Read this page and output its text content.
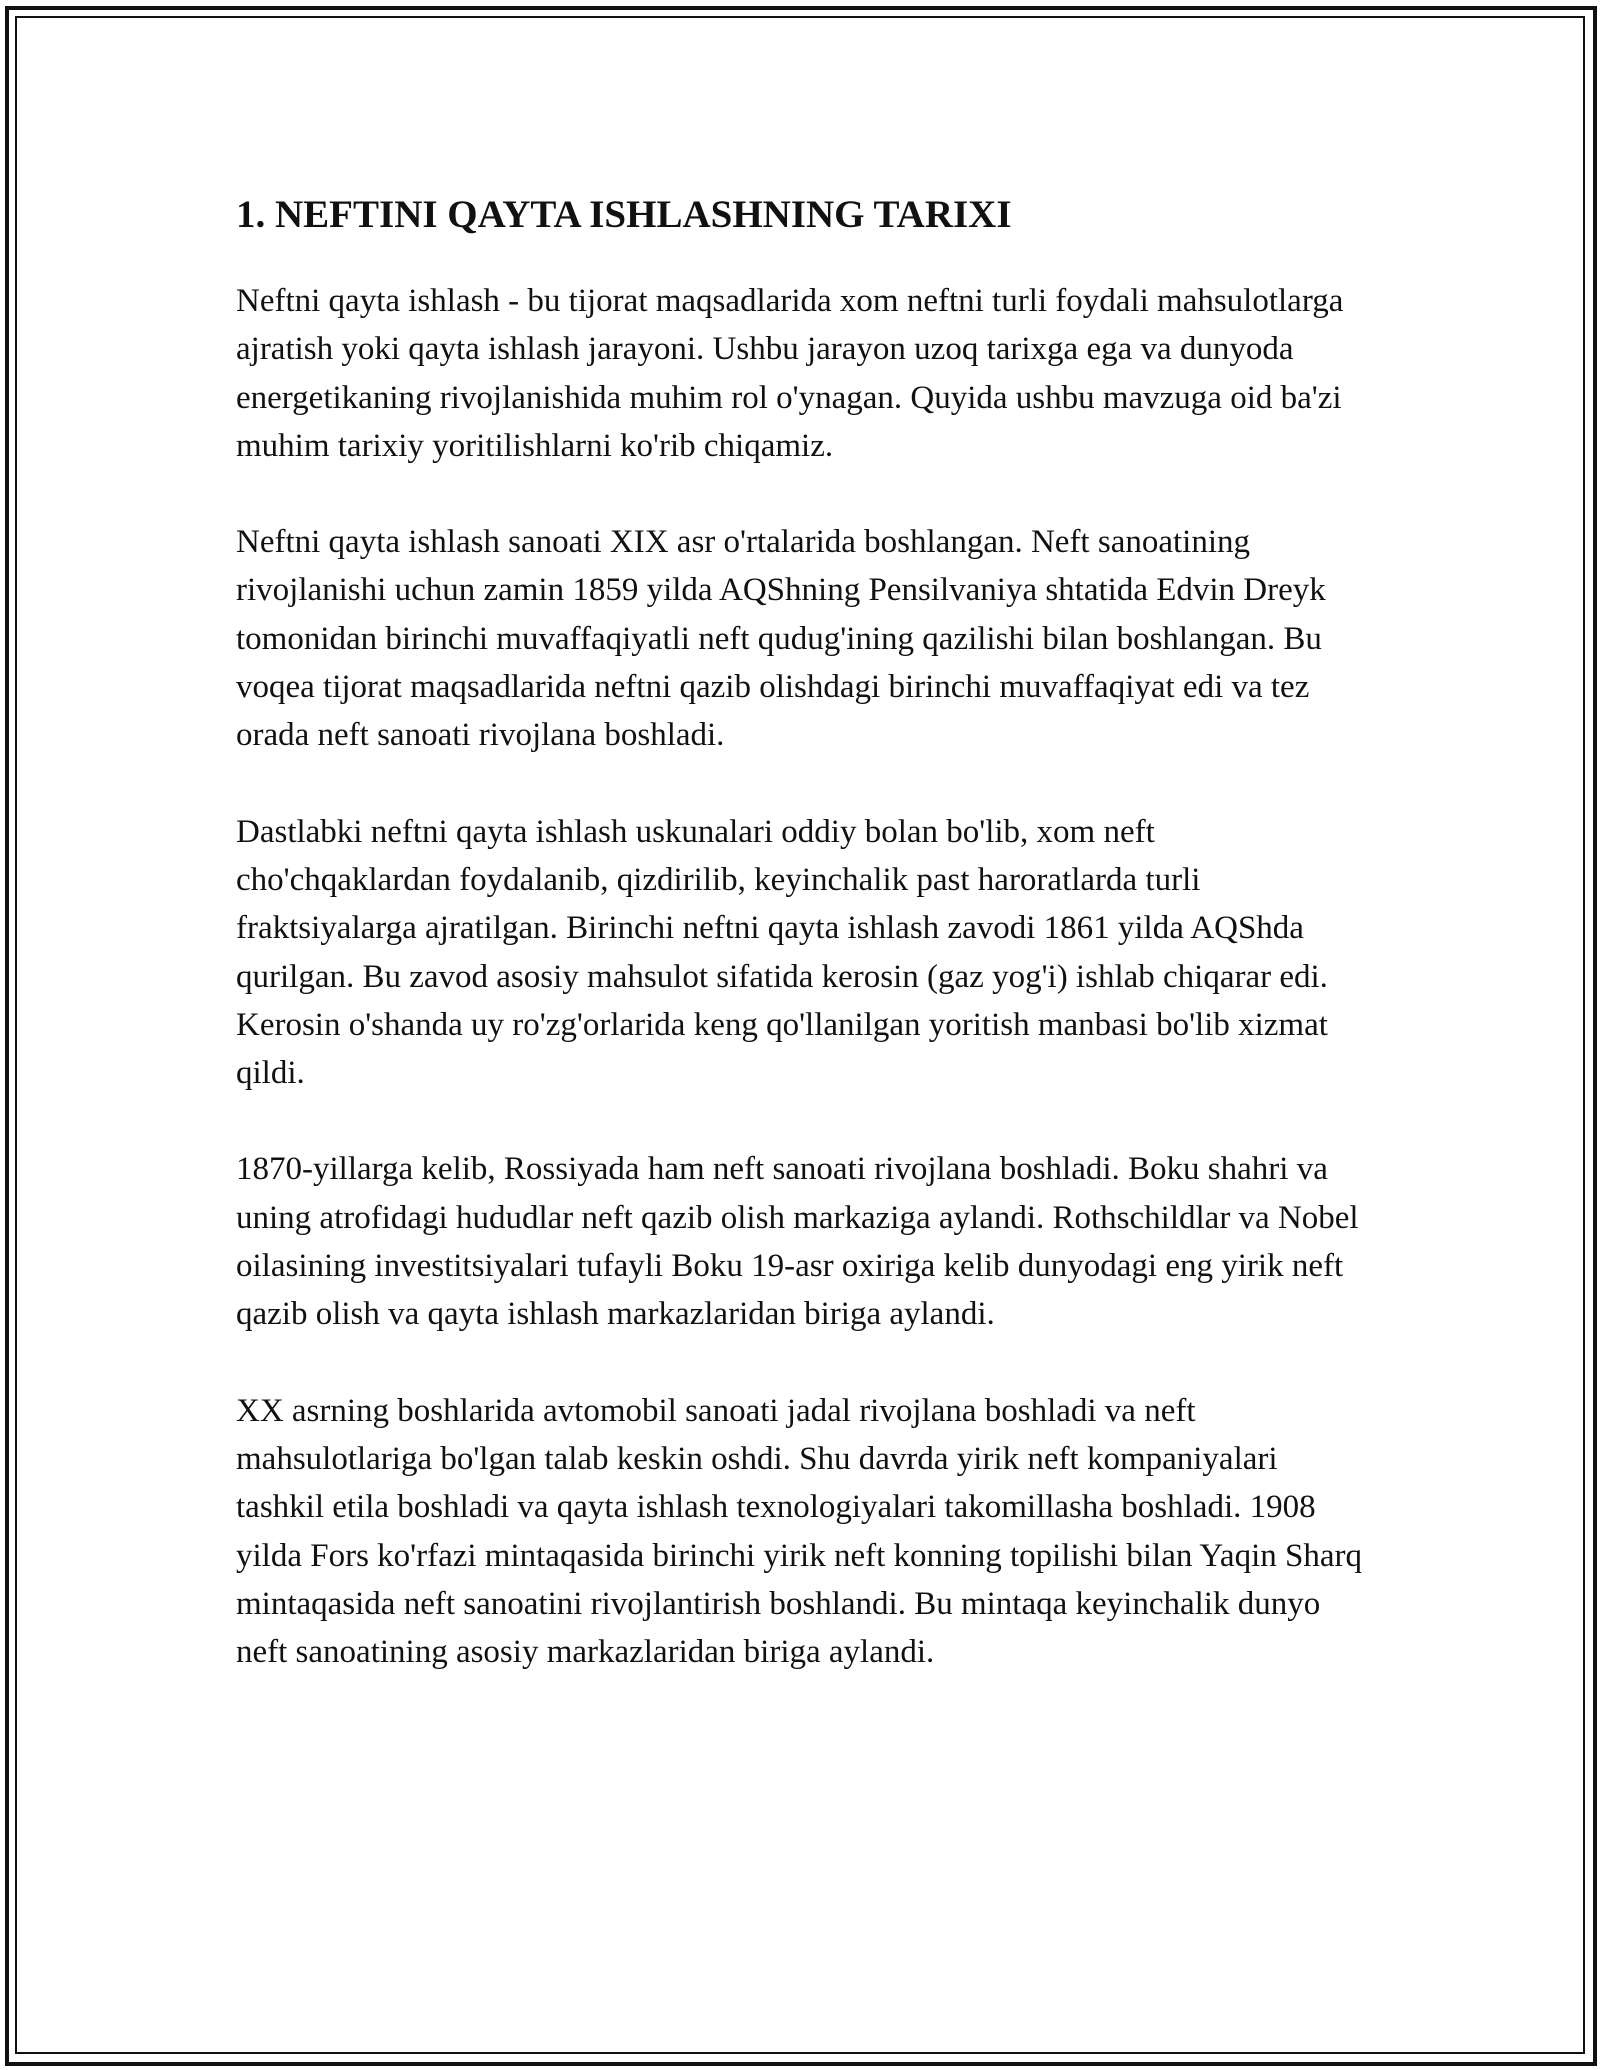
1. NEFTINI QAYTA ISHLASHNING TARIXI

Neftni qayta ishlash - bu tijorat maqsadlarida xom neftni turli foydali mahsulotlarga ajratish yoki qayta ishlash jarayoni. Ushbu jarayon uzoq tarixga ega va dunyoda energetikaning rivojlanishida muhim rol o'ynagan. Quyida ushbu mavzuga oid ba'zi muhim tarixiy yoritilishlarni ko'rib chiqamiz.

Neftni qayta ishlash sanoati XIX asr o'rtalarida boshlangan. Neft sanoatining rivojlanishi uchun zamin 1859 yilda AQShning Pensilvaniya shtatida Edvin Dreyk tomonidan birinchi muvaffaqiyatli neft qudug'ining qazilishi bilan boshlangan. Bu voqea tijorat maqsadlarida neftni qazib olishdagi birinchi muvaffaqiyat edi va tez orada neft sanoati rivojlana boshladi.

Dastlabki neftni qayta ishlash uskunalari oddiy bolan bo'lib, xom neft cho'chqaklardan foydalanib, qizdirilib, keyinchalik past haroratlarda turli fraktsiyalarga ajratilgan. Birinchi neftni qayta ishlash zavodi 1861 yilda AQShda qurilgan. Bu zavod asosiy mahsulot sifatida kerosin (gaz yog'i) ishlab chiqarar edi. Kerosin o'shanda uy ro'zg'orlarida keng qo'llanilgan yoritish manbasi bo'lib xizmat qildi.

1870-yillarga kelib, Rossiyada ham neft sanoati rivojlana boshladi. Boku shahri va uning atrofidagi hududlar neft qazib olish markaziga aylandi. Rothschildlar va Nobel oilasining investitsiyalari tufayli Boku 19-asr oxiriga kelib dunyodagi eng yirik neft qazib olish va qayta ishlash markazlaridan biriga aylandi.

XX asrning boshlarida avtomobil sanoati jadal rivojlana boshladi va neft mahsulotlariga bo'lgan talab keskin oshdi. Shu davrda yirik neft kompaniyalari tashkil etila boshladi va qayta ishlash texnologiyalari takomillasha boshladi. 1908 yilda Fors ko'rfazi mintaqasida birinchi yirik neft konning topilishi bilan Yaqin Sharq mintaqasida neft sanoatini rivojlantirish boshlandi. Bu mintaqa keyinchalik dunyo neft sanoatining asosiy markazlaridan biriga aylandi.
